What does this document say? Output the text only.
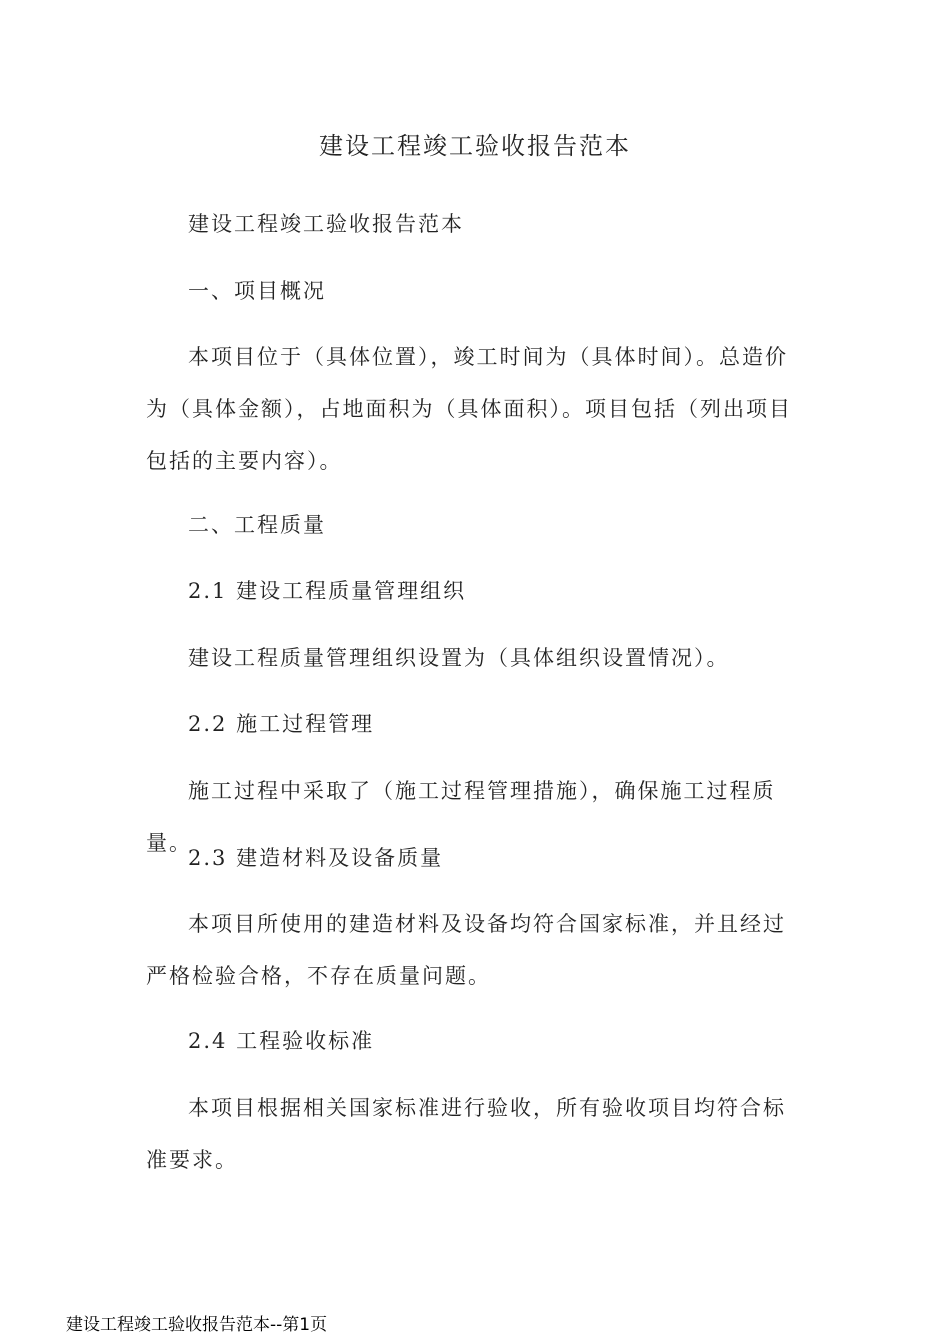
建设工程竣工验收报告范本

建设工程竣工验收报告范本

一、项目概况

本项目位于（具体位置），竣工时间为（具体时间）。总造价为（具体金额），占地面积为（具体面积）。项目包括（列出项目包括的主要内容）。

二、工程质量

2.1 建设工程质量管理组织

建设工程质量管理组织设置为（具体组织设置情况）。

2.2 施工过程管理

施工过程中采取了（施工过程管理措施），确保施工过程质量。

2.3 建造材料及设备质量

本项目所使用的建造材料及设备均符合国家标准，并且经过严格检验合格，不存在质量问题。

2.4 工程验收标准

本项目根据相关国家标准进行验收，所有验收项目均符合标准要求。

建设工程竣工验收报告范本--第1页
